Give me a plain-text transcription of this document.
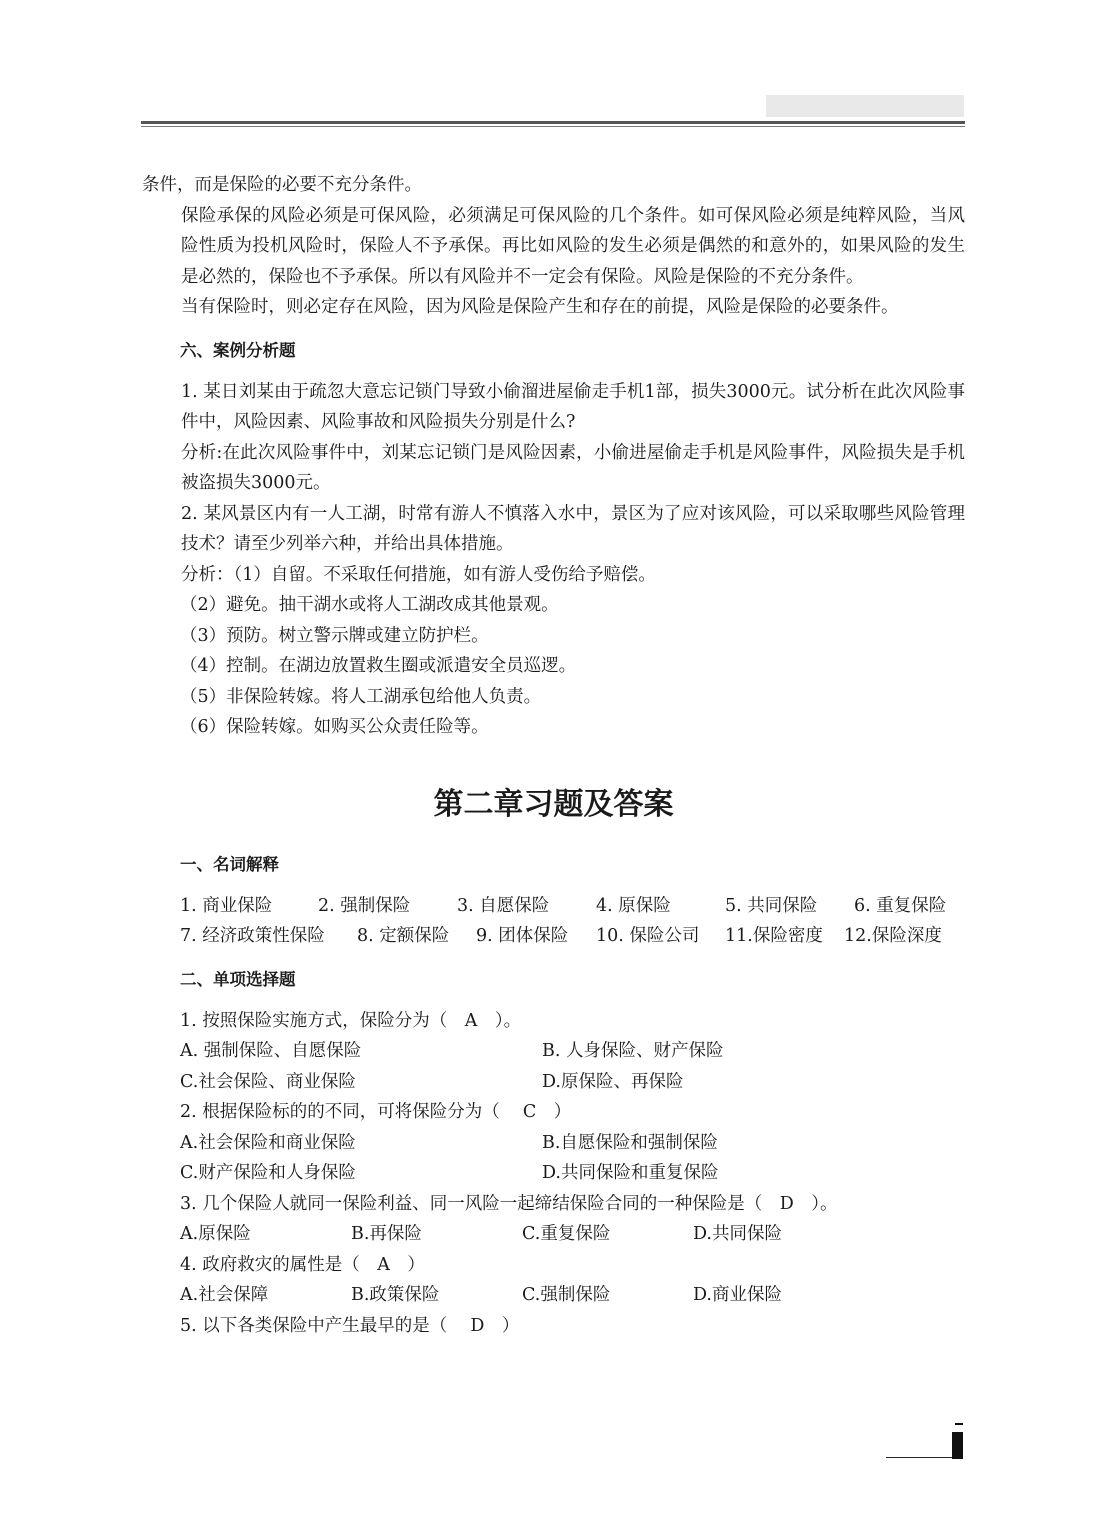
条件，而是保险的必要不充分条件。

保险承保的风险必须是可保风险，必须满足可保风险的几个条件。如可保风险必须是纯粹风险，当风险性质为投机风险时，保险人不予承保。再比如风险的发生必须是偶然的和意外的，如果风险的发生是必然的，保险也不予承保。所以有风险并不一定会有保险。风险是保险的不充分条件。

当有保险时，则必定存在风险，因为风险是保险产生和存在的前提，风险是保险的必要条件。

六、案例分析题

1. 某日刘某由于疏忽大意忘记锁门导致小偷溜进屋偷走手机1部，损失3000元。试分析在此次风险事件中，风险因素、风险事故和风险损失分别是什么?

分析:在此次风险事件中，刘某忘记锁门是风险因素，小偷进屋偷走手机是风险事件，风险损失是手机被盗损失3000元。

2. 某风景区内有一人工湖，时常有游人不慎落入水中，景区为了应对该风险，可以采取哪些风险管理技术？请至少列举六种，并给出具体措施。

分析：（1）自留。不采取任何措施，如有游人受伤给予赔偿。

（2）避免。抽干湖水或将人工湖改成其他景观。

（3）预防。树立警示牌或建立防护栏。

（4）控制。在湖边放置救生圈或派遣安全员巡逻。

（5）非保险转嫁。将人工湖承包给他人负责。

（6）保险转嫁。如购买公众责任险等。

第二章习题及答案
一、名词解释
1. 商业保险	2. 强制保险	3. 自愿保险	4. 原保险	5. 共同保险	6. 重复保险
7. 经济政策性保险	8. 定额保险	9. 团体保险	10. 保险公司	11.保险密度	12.保险深度
二、单项选择题
1. 按照保险实施方式，保险分为（　A　）。
A. 强制保险、自愿保险	B. 人身保险、财产保险
C.社会保险、商业保险	D.原保险、再保险
2. 根据保险标的的不同，可将保险分为（　 C　）
A.社会保险和商业保险	B.自愿保险和强制保险
C.财产保险和人身保险	D.共同保险和重复保险
3. 几个保险人就同一保险利益、同一风险一起缔结保险合同的一种保险是（　D　）。
A.原保险	B.再保险	C.重复保险	D.共同保险
4. 政府救灾的属性是（　A　）
A.社会保障	B.政策保险	C.强制保险	D.商业保险
5. 以下各类保险中产生最早的是（　 D　）
